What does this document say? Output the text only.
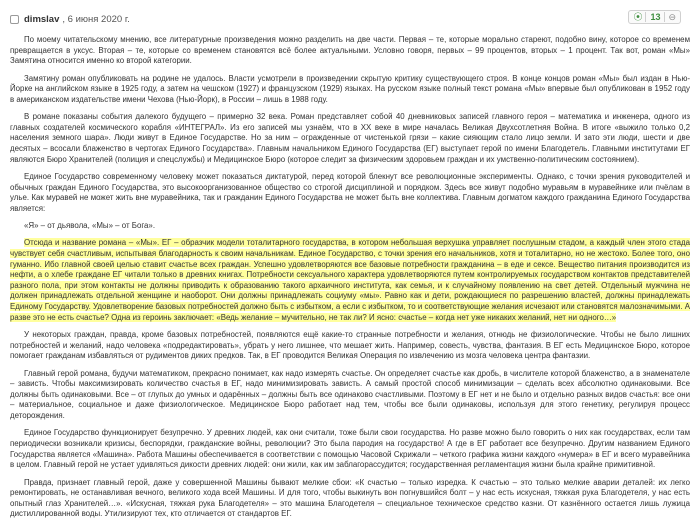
dimslav , 6 июня 2020 г.	⦿ 13 ⊖

По моему читательскому мнению, все литературные произведения можно разделить на две части. Первая – те, которые морально стареют, подобно вину, которое со временем превращается в уксус. Вторая – те, которые со временем становятся всё более актуальными. Условно говоря, первых – 99 процентов, вторых – 1 процент. Так вот, роман «Мы» Замятина относится именно ко второй категории.

Замятину роман опубликовать на родине не удалось. Власти усмотрели в произведении скрытую критику существующего строя. В конце концов роман «Мы» был издан в Нью-Йорке на английском языке в 1925 году, а затем на чешском (1927) и французском (1929) языках. На русском языке полный текст романа «Мы» впервые был опубликован в 1952 году в американском издательстве имени Чехова (Нью-Йорк), в России – лишь в 1988 году.

В романе показаны события далекого будущего – примерно 32 века. Роман представляет собой 40 дневниковых записей главного героя – математика и инженера, одного из главных создателей космического корабля «ИНТЕГРАЛ». Из его записей мы узнаём, что в XX веке в мире началась Великая Двухсотлетняя Война. В итоге «выжило только 0,2 населения земного шара». Люди живут в Единое Государстве. Но за ним – огражденные от чистенькой грязи – какие сияющим стало лицо земли. И зато эти люди, шести и две десятых – всосали блаженство в чертогах Единого Государства». Главным начальником Единого Государства (ЕГ) выступает герой по имени Благодетель. Главными институтами ЕГ являются Бюро Хранителей (полиция и спецслужбы) и Медицинское Бюро (которое следит за физическим здоровьем граждан и их умственно-политическим состоянием).

Единое Государство современному человеку может показаться диктатурой, перед которой блекнут все революционные эксперименты. Однако, с точки зрения руководителей и обычных граждан Единого Государства, это высокоорганизованное общество со строгой дисциплиной и порядком. Здесь все живут подобно муравьям в муравейнике или пчёлам в улье. Как муравей не может жить вне муравейника, так и гражданин Единого Государства не может быть вне коллектива. Главным догматом каждого гражданина Единого Государства является:

«Я» – от дьявола, «Мы» – от Бога».

Отсюда и название романа – «Мы». ЕГ – образчик модели тоталитарного государства, в котором небольшая верхушка управляет послушным стадом, а каждый член этого стада чувствует себя счастливым, испытывая благодарность к своим начальникам. Единое Государство, с точки зрения его начальников, хотя и тоталитарно, но не жестоко. Более того, оно гуманно. Ибо главной своей целью ставит счастье всех граждан. Успешно удовлетворяются все базовые потребности гражданина – в еде и сексе. Вещество питания производится из нефти, а о хлебе граждане ЕГ читали только в древних книгах. Потребности сексуального характера удовлетворяются путем контролируемых государством контактов представителей разного пола, при этом контакты не должны приводить к образованию такого архаичного института, как семья, и к случайному появлению на свет детей. Отдельный мужчина не должен принадлежать отдельной женщине и наоборот. Они должны принадлежать социуму «мы». Равно как и дети, рождающиеся по разрешению властей, должны принадлежать Единому Государству. Удовлетворение базовых потребностей должно быть с избытком, а если с избытком, то и соответствующие желания исчезают или становятся малозначимыми. А разве это не есть счастье? Одна из героинь заключает: «Ведь желание – мучительно, не так ли? И ясно: счастье – когда нет уже никаких желаний, нет ни одного…»

У некоторых граждан, правда, кроме базовых потребностей, появляются ещё какие-то странные потребности и желания, отнюдь не физиологические. Чтобы не было лишних потребностей и желаний, надо человека «подредактировать», убрать у него лишнее, что мешает жить. Например, совесть, чувства, фантазия. В ЕГ есть Медицинское Бюро, которое помогает гражданам избавляться от рудиментов диких предков. Так, в ЕГ проводится Великая Операция по извлечению из мозга человека центра фантазии.

Главный герой романа, будучи математиком, прекрасно понимает, как надо измерять счастье. Он определяет счастье как дробь, в числителе которой блаженство, а в знаменателе – зависть. Чтобы максимизировать количество счастья в ЕГ, надо минимизировать зависть. А самый простой способ минимизации – сделать всех абсолютно одинаковыми. Все должны быть одинаковыми. Все – от глупых до умных и одарённых – должны быть все одинаково счастливыми. Поэтому в ЕГ нет и не было и отдельно разных видов счастья: все они – материальное, социальное и даже физиологическое. Медицинское Бюро работает над тем, чтобы все были одинаковы, используя для этого генетику, регулируя процесс деторождения.

Единое Государство функционирует безупречно. У древних людей, как они считали, тоже были свои государства. Но разве можно было говорить о них как государствах, если там периодически возникали кризисы, беспорядки, гражданские войны, революции? Это была пародия на государство! А где в ЕГ работает все безупречно. Другим названием Единого Государства является «Машина». Работа Машины обеспечивается в соответствии с помощью Часовой Скрижали – четкого графика жизни каждого «нумера» в ЕГ и всего муравейника в целом. Главный герой не устает удивляться дикости древних людей: они жили, как им заблагорассудится; государственная регламентация жизни была крайне примитивной.

Правда, признает главный герой, даже у совершенной Машины бывают мелкие сбои: «К счастью – только изредка. К счастью – это только мелкие аварии деталей: их легко ремонтировать, не останавливая вечного, великого хода всей Машины. И для того, чтобы выкинуть вон погнувшийся болт – у нас есть искусная, тяжкая рука Благодетеля, у нас есть опытный глаз Хранителей…». «Искусная, тяжкая рука Благодетеля» – это машина Благодетеля – специальное техническое средство казни. От казнённого остается лишь лужица дистиллированной воды. Утилизируют тех, кто отличается от стандартов ЕГ.
